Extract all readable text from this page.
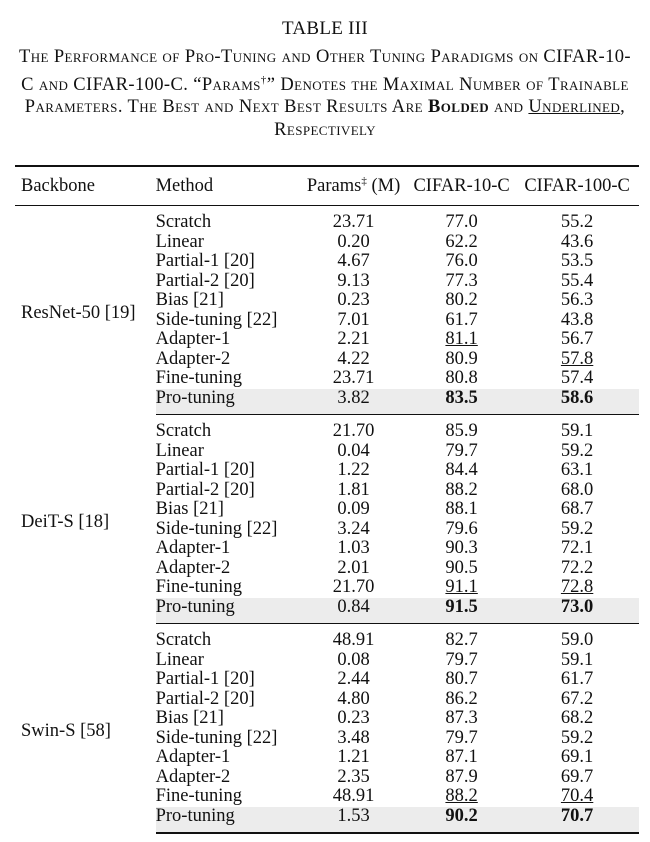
TABLE III
The Performance of Pro-Tuning and Other Tuning Paradigms on CIFAR-10-C and CIFAR-100-C. “Params†” Denotes the Maximal Number of Trainable Parameters. The Best and Next Best Results Are Bolded and Underlined, Respectively
Backbone	Method	Params‡ (M)	CIFAR-10-C	CIFAR-100-C
ResNet-50 [19]	Scratch	23.71	77.0	55.2
	Linear	0.20	62.2	43.6
	Partial-1 [20]	4.67	76.0	53.5
	Partial-2 [20]	9.13	77.3	55.4
	Bias [21]	0.23	80.2	56.3
	Side-tuning [22]	7.01	61.7	43.8
	Adapter-1	2.21	81.1	56.7
	Adapter-2	4.22	80.9	57.8
	Fine-tuning	23.71	80.8	57.4
	Pro-tuning	3.82	83.5	58.6
DeiT-S [18]	Scratch	21.70	85.9	59.1
	Linear	0.04	79.7	59.2
	Partial-1 [20]	1.22	84.4	63.1
	Partial-2 [20]	1.81	88.2	68.0
	Bias [21]	0.09	88.1	68.7
	Side-tuning [22]	3.24	79.6	59.2
	Adapter-1	1.03	90.3	72.1
	Adapter-2	2.01	90.5	72.2
	Fine-tuning	21.70	91.1	72.8
	Pro-tuning	0.84	91.5	73.0
Swin-S [58]	Scratch	48.91	82.7	59.0
	Linear	0.08	79.7	59.1
	Partial-1 [20]	2.44	80.7	61.7
	Partial-2 [20]	4.80	86.2	67.2
	Bias [21]	0.23	87.3	68.2
	Side-tuning [22]	3.48	79.7	59.2
	Adapter-1	1.21	87.1	69.1
	Adapter-2	2.35	87.9	69.7
	Fine-tuning	48.91	88.2	70.4
	Pro-tuning	1.53	90.2	70.7
